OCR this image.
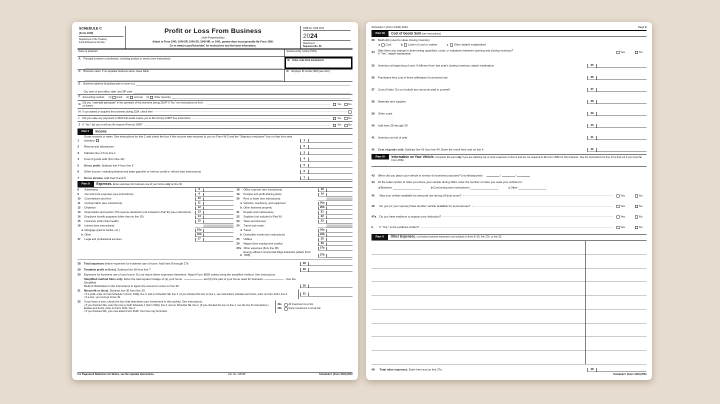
SCHEDULE C
(Form 1040)
Department of the Treasury
Internal Revenue Service
Profit or Loss From Business
(Sole Proprietorship)
Attach to Form 1040, 1040-SR, 1040-SS, 1040-NR, or 1041; partnerships must generally file Form 1065.
Go to www.irs.gov/ScheduleC for instructions and the latest information.
OMB No. 1545-0074
2024
Attachment
Sequence No. 09
Name of proprietor	Social security number (SSN)
A Principal business or profession, including product or service (see instructions)	B Enter code from instructions
C Business name. If no separate business name, leave blank.	D Employer ID number (EIN) (see instr.)
E Business address (including suite or room no.)
City, town or post office, state, and ZIP code
F Accounting method: (1) Cash (2) Accrual (3) Other (specify)
G Did you “materially participate” in the operation of this business during 2024? If “No,” see instructions for limit on losses
Yes No
H If you started or acquired this business during 2024, check here
I Did you make any payments in 2024 that would require you to file Form(s) 1099? See instructions	Yes No
J If “Yes,” did you or will you file required Form(s) 1099?	Yes No
Part I	Income
1
Gross receipts or sales. See instructions for line 1 and check the box if this income was reported to you on Form W-2 and the “Statutory employee” box on that form was checked	1
2 Returns and allowances	2
3 Subtract line 2 from line 1	3
4 Cost of goods sold (from line 42)	4
5 Gross profit. Subtract line 4 from line 3	5
6 Other income, including federal and state gasoline or fuel tax credit or refund (see instructions)	6
7 Gross income. Add lines 5 and 6	7
Part II	Expenses. Enter expenses for business use of your home only on line 30.
8	Advertising	8
9	Car and truck expenses (see instructions)	9
10 Commissions and fees	10
11 Contract labor (see instructions)	11
12 Depletion	12
13 Depreciation and section 179 expense deduction (not included in Part III) (see instructions)	13
14 Employee benefit programs (other than on line 19)	14
15 Insurance (other than health)	15
16 Interest (see instructions):
a Mortgage (paid to banks, etc.)	16a
b Other	16b
17 Legal and professional services	17
18 Office expense (see instructions)	18
19 Pension and profit-sharing plans	19
20 Rent or lease (see instructions):
a Vehicles, machinery, and equipment	20a
b Other business property	20b
21 Repairs and maintenance	21
22 Supplies (not included in Part III)	22
23 Taxes and licenses	23
24 Travel and meals:
a Travel	24a
b Deductible meals (see instructions)	24b
25 Utilities	25
26 Wages (less employment credits)	26
27a Other expenses (from line 48)	27a
b
Energy efficient commercial bldgs deduction (attach Form 7205)	27b
28 Total expenses before expenses for business use of home. Add lines 8 through 27b	28
29 Tentative profit or (loss). Subtract line 28 from line 7	29
30 Expenses for business use of your home. Do not report these expenses elsewhere. Attach Form 8829 unless using the simplified method. See instructions.
Simplified method filers only: Enter the total square footage of (a) your home:	and (b) the part of your home used for business:	. Use the Simplified
Method Worksheet in the instructions to figure the amount to enter on line 30	30
31 Net profit or (loss). Subtract line 30 from line 29.
• If a profit, enter on both Schedule 1 (Form 1040), line 3, and on Schedule SE, line 2. (If you checked the box on line 1, see instructions.) Estates and trusts, enter on Form 1041, line 3.
• If a loss, you must go to line 32.
31
32 If you have a loss, check the box that describes your investment in this activity. See instructions.
• If you checked 32a, enter the loss on both Schedule 1 (Form 1040), line 3, and on Schedule SE, line 2. (If you checked the box on line 1, see the line 31 instructions.) Estates and trusts, enter on Form 1041, line 3.
• If you checked 32b, you must attach Form 6198. Your loss may be limited.
32a	All investment is at risk.
32b	Some investment is not at risk.
For Paperwork Reduction Act Notice, see the separate instructions.	Cat. No. 11334P	Schedule C (Form 1040) 2024
Schedule C (Form 1040) 2024	Page 2
Part III	Cost of Goods Sold (see instructions)
33 Method(s) used to value closing inventory:
a Cost b Lower of cost or market c Other (attach explanation)
34
Was there any change in determining quantities, costs, or valuations between opening and closing inventory?
If “Yes,” attach explanation
Yes	No
35 Inventory at beginning of year. If different from last year's closing inventory, attach explanation	35
36 Purchases less cost of items withdrawn for personal use	36
37 Cost of labor. Do not include any amounts paid to yourself	37
38 Materials and supplies	38
39 Other costs	39
40 Add lines 35 through 39	40
41 Inventory at end of year	41
42 Cost of goods sold. Subtract line 41 from line 40. Enter the result here and on line 4	42
Part IV	Information on Your Vehicle. Complete this part only if you are claiming car or truck expenses on line 9 and are not required to file Form 4562 for this business. See the instructions for line 13 to find out if you must file Form 4562.
43 When did you place your vehicle in service for business purposes? (month/day/year)	/  /
44 Of the total number of miles you drove your vehicle during 2024, enter the number of miles you used your vehicle for:
a Business	b Commuting (see instructions)	c Other
45 Was your vehicle available for personal use during off-duty hours?	Yes	No
46 Do you (or your spouse) have another vehicle available for personal use?	Yes	No
47a Do you have evidence to support your deduction?	Yes	No
b	If “Yes,” is the evidence written?	Yes	No
Part V	Other Expenses. List below business expenses not included on lines 8–26, line 27b, or line 30.
48 Total other expenses. Enter here and on line 27a	48
Schedule C (Form 1040) 2024
